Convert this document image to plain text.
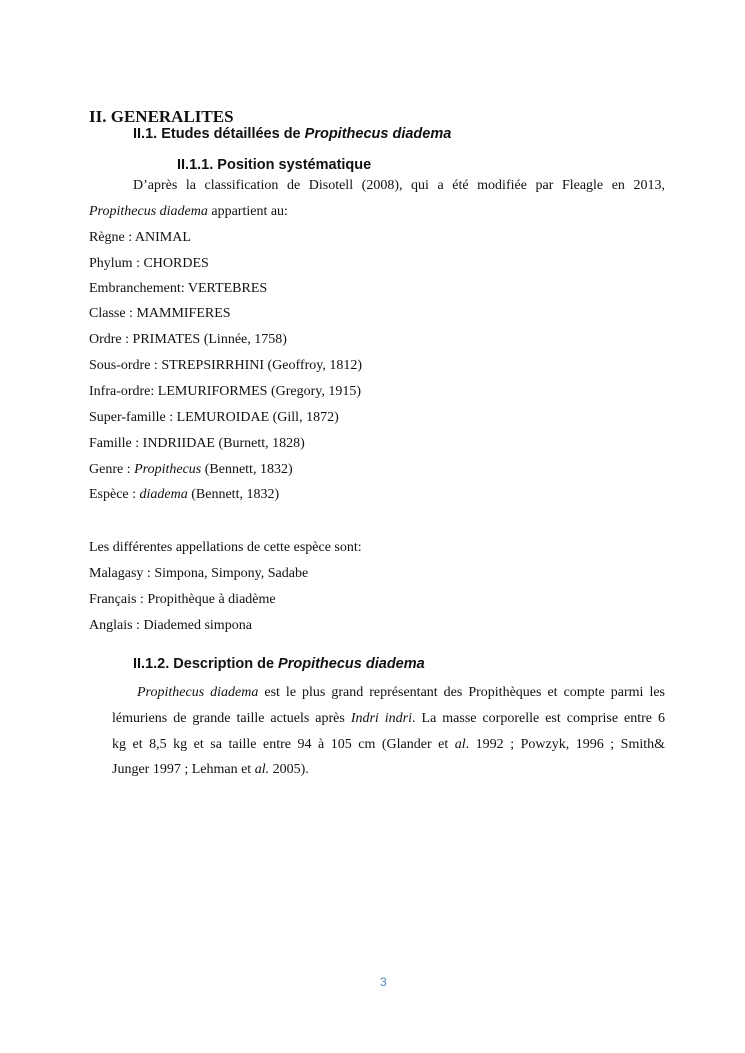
II. GENERALITES
II.1. Etudes détaillées de Propithecus diadema
II.1.1. Position systématique
D’après la classification de Disotell (2008), qui a été modifiée par Fleagle en 2013,
Propithecus diadema appartient au:
Règne : ANIMAL
Phylum : CHORDES
Embranchement: VERTEBRES
Classe : MAMMIFERES
Ordre : PRIMATES (Linnée, 1758)
Sous-ordre : STREPSIRRHINI (Geoffroy, 1812)
Infra-ordre: LEMURIFORMES (Gregory, 1915)
Super-famille : LEMUROIDAE (Gill, 1872)
Famille : INDRIIDAE (Burnett, 1828)
Genre : Propithecus (Bennett, 1832)
Espèce : diadema (Bennett, 1832)
Les différentes appellations de cette espèce sont:
Malagasy : Simpona, Simpony, Sadabe
Français : Propithèque à diadème
Anglais : Diademed simpona
II.1.2. Description de Propithecus diadema
Propithecus diadema est le plus grand représentant des Propithèques et compte parmi les
lémuriens de grande taille actuels après Indri indri. La masse corporelle est comprise entre 6
kg et 8,5 kg et sa taille entre 94 à 105 cm (Glander et al. 1992 ; Powzyk, 1996 ; Smith&
Junger 1997 ; Lehman et al. 2005).
3
